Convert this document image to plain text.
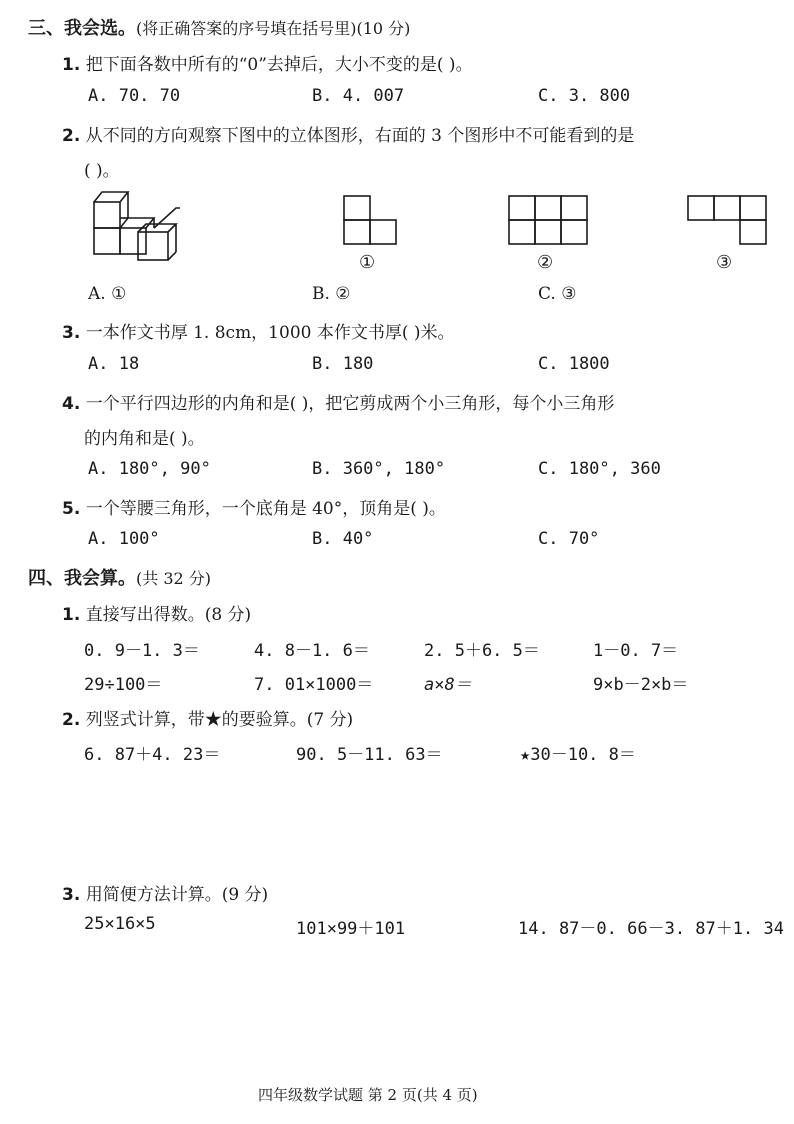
三、我会选。(将正确答案的序号填在括号里)(10 分)
1. 把下面各数中所有的“0”去掉后，大小不变的是( )。
A. 70. 70	B. 4. 007	C. 3. 800
2. 从不同的方向观察下图中的立体图形，右面的 3 个图形中不可能看到的是
( )。
①	②	③
A. ①	B. ②	C. ③
3. 一本作文书厚 1. 8cm，1000 本作文书厚( )米。
A. 18	B. 180	C. 1800
4. 一个平行四边形的内角和是( )，把它剪成两个小三角形，每个小三角形
的内角和是( )。
A. 180°, 90°	B. 360°, 180°	C. 180°, 360
5. 一个等腰三角形，一个底角是 40°，顶角是( )。
A. 100°	B. 40°	C. 70°
四、我会算。(共 32 分)
1. 直接写出得数。(8 分)
0. 9－1. 3＝	4. 8－1. 6＝	2. 5＋6. 5＝	1－0. 7＝
29÷100＝	7. 01×1000＝	a×8＝	9×b－2×b＝
2. 列竖式计算，带★的要验算。(7 分)
6. 87＋4. 23＝	90. 5－11. 63＝	★30－10. 8＝
3. 用简便方法计算。(9 分)
25×16×5	101×99＋101	14. 87－0. 66－3. 87＋1. 34
四年级数学试题 第 2 页(共 4 页)
